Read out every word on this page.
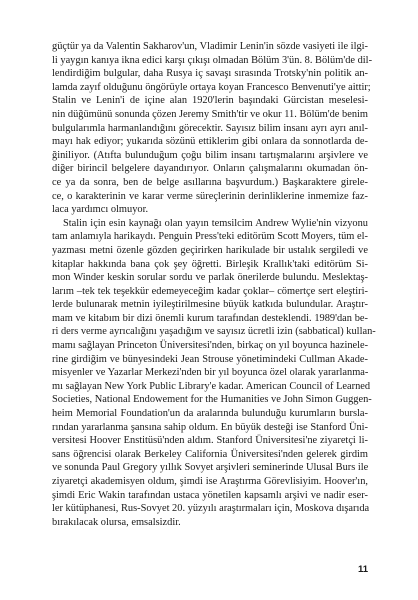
güçtür ya da Valentin Sakharov'un, Vladimir Lenin'in sözde vasiyeti ile ilgi-
li yaygın kanıya ikna edici karşı çıkışı olmadan Bölüm 3'ün. 8. Bölüm'de dil-
lendirdiğim bulgular, daha Rusya iç savaşı sırasında Trotsky'nin politik an-
lamda zayıf olduğunu öngörüyle ortaya koyan Francesco Benvenuti'ye aittir;
Stalin ve Lenin'i de içine alan 1920'lerin başındaki Gürcistan meselesi-
nin düğümünü sonunda çözen Jeremy Smith'tir ve okur 11. Bölüm'de benim
bulgularımla harmanlandığını görecektir. Sayısız bilim insanı ayrı ayrı anıl-
mayı hak ediyor; yukarıda sözünü ettiklerim gibi onlara da sonnotlarda de-
ğiniliyor. (Atıfta bulunduğum çoğu bilim insanı tartışmalarını arşivlere ve
diğer birincil belgelere dayandırıyor. Onların çalışmalarını okumadan ön-
ce ya da sonra, ben de belge asıllarına başvurdum.) Başkaraktere girele-
ce, o karakterinin ve karar verme süreçlerinin derinliklerine inmemize faz-
laca yardımcı olmuyor.
Stalin için esin kaynağı olan yayın temsilcim Andrew Wylie'nin vizyonu
tam anlamıyla harikaydı. Penguin Press'teki editörüm Scott Moyers, tüm el-
yazması metni özenle gözden geçirirken harikulade bir ustalık sergiledi ve
kitaplar hakkında bana çok şey öğretti. Birleşik Krallık'taki editörüm Si-
mon Winder keskin sorular sordu ve parlak önerilerde bulundu. Meslektaş-
larım –tek tek teşekkür edemeyeceğim kadar çoklar– cömertçe sert eleştiri-
lerde bulunarak metnin iyileştirilmesine büyük katkıda bulundular. Araştır-
mam ve kitabım bir dizi önemli kurum tarafından desteklendi. 1989'dan be-
ri ders verme ayrıcalığını yaşadığım ve sayısız ücretli izin (sabbatical) kullan-
mamı sağlayan Princeton Üniversitesi'nden, birkaç on yıl boyunca hazinele-
rine girdiğim ve bünyesindeki Jean Strouse yönetimindeki Cullman Akade-
misyenler ve Yazarlar Merkezi'nden bir yıl boyunca özel olarak yararlanma-
mı sağlayan New York Public Library'e kadar. American Council of Learned
Societies, National Endowement for the Humanities ve John Simon Guggen-
heim Memorial Foundation'un da aralarında bulunduğu kurumların bursla-
rından yararlanma şansına sahip oldum. En büyük desteği ise Stanford Üni-
versitesi Hoover Enstitüsü'nden aldım. Stanford Üniversitesi'ne ziyaretçi li-
sans öğrencisi olarak Berkeley California Üniversitesi'nden gelerek girdim
ve sonunda Paul Gregory yıllık Sovyet arşivleri seminerinde Ulusal Burs ile
ziyaretçi akademisyen oldum, şimdi ise Araştırma Görevlisiyim. Hoover'ın,
şimdi Eric Wakin tarafından ustaca yönetilen kapsamlı arşivi ve nadir eser-
ler kütüphanesi, Rus-Sovyet 20. yüzyılı araştırmaları için, Moskova dışarıda
bırakılacak olursa, emsalsizdir.
11
